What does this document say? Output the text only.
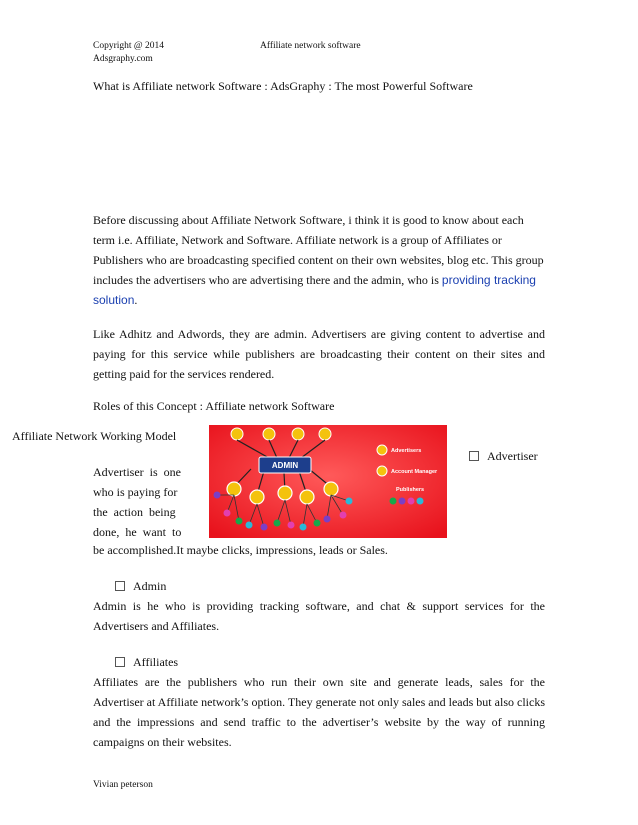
Copyright @ 2014	Affiliate network software
Adsgraphy.com
What is Affiliate network Software : AdsGraphy : The most Powerful Software
Before discussing about Affiliate Network Software, i think it is good to know about each term i.e. Affiliate, Network and Software. Affiliate network is a group of Affiliates or Publishers who are broadcasting specified content on their own websites, blog etc. This group includes the advertisers who are advertising there and the admin, who is providing tracking solution.
Like Adhitz and Adwords, they are admin. Advertisers are giving content to advertise and paying for this service while publishers are broadcasting their content on their sites and getting paid for the services rendered.
Roles of this Concept : Affiliate network Software
Affiliate Network Working Model
ADMIN
Advertisers
Account Manager
Publishers
Advertiser
Advertiser  is  one
who is paying for
the  action  being
done,  he  want  to
be accomplished.It maybe clicks, impressions, leads or Sales.
Admin
Admin is he who is providing tracking software, and chat & support services for the Advertisers and Affiliates.
Affiliates
Affiliates are the publishers who run their own site and generate leads, sales for the Advertiser at Affiliate network’s option. They generate not only sales and leads but also clicks and the impressions and send traffic to the advertiser’s website by the way of running campaigns on their websites.
Vivian peterson
